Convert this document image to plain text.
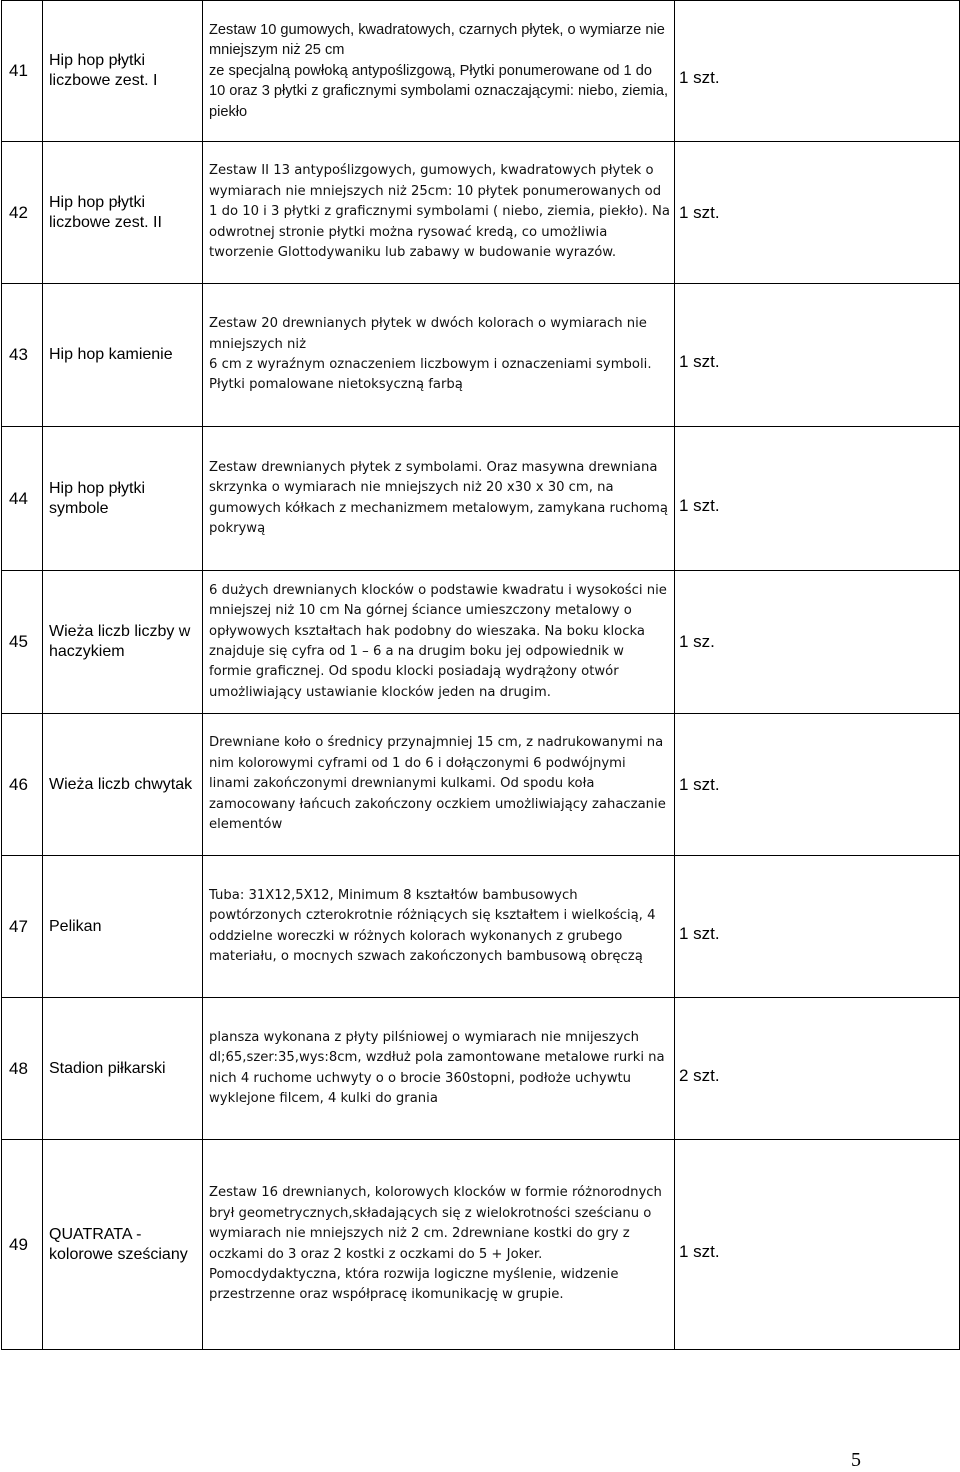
41	Hip hop płytki liczbowe zest. I	Zestaw 10 gumowych, kwadratowych, czarnych płytek, o wymiarze nie mniejszym niż 25 cm
ze specjalną powłoką antypoślizgową, Płytki ponumerowane od 1 do 10 oraz 3 płytki z graficznymi symbolami oznaczającymi: niebo, ziemia, piekło	1 szt.
42	Hip hop płytki liczbowe zest. II	Zestaw II 13 antypoślizgowych, gumowych, kwadratowych płytek o wymiarach nie mniejszych niż 25cm: 10 płytek ponumerowanych od 1 do 10 i 3 płytki z graficznymi symbolami ( niebo, ziemia, piekło). Na odwrotnej stronie płytki można rysować kredą, co umożliwia tworzenie Glottodywaniku lub zabawy w budowanie wyrazów.	1 szt.
43	Hip hop kamienie	Zestaw 20 drewnianych płytek w dwóch kolorach o wymiarach nie mniejszych niż
6 cm z wyraźnym oznaczeniem liczbowym i oznaczeniami symboli. Płytki pomalowane nietoksyczną farbą	1 szt.
44	Hip hop płytki symbole	Zestaw drewnianych płytek z symbolami. Oraz masywna drewniana skrzynka o wymiarach nie mniejszych niż 20 x30 x 30 cm, na gumowych kółkach z mechanizmem metalowym, zamykana ruchomą pokrywą	1 szt.
45	Wieża liczb liczby w haczykiem	6 dużych drewnianych klocków o podstawie kwadratu i wysokości nie mniejszej niż 10 cm Na górnej ściance umieszczony metalowy o opływowych kształtach hak podobny do wieszaka. Na boku klocka znajduje się cyfra od 1 – 6 a na drugim boku jej odpowiednik w formie graficznej. Od spodu klocki posiadają wydrążony otwór umożliwiający ustawianie klocków jeden na drugim.	1 sz.
46	Wieża liczb chwytak	Drewniane koło o średnicy przynajmniej 15 cm, z nadrukowanymi na nim kolorowymi cyframi od 1 do 6 i dołączonymi 6 podwójnymi linami zakończonymi drewnianymi kulkami. Od spodu koła zamocowany łańcuch zakończony oczkiem umożliwiający zahaczanie elementów	1 szt.
47	Pelikan	Tuba: 31X12,5X12, Minimum 8 kształtów bambusowych powtórzonych czterokrotnie różniących się kształtem i wielkością, 4 oddzielne woreczki w różnych kolorach wykonanych z grubego materiału, o mocnych szwach zakończonych bambusową obręczą	1 szt.
48	Stadion piłkarski	plansza wykonana z płyty pilśniowej o wymiarach nie mnijeszych dl;65,szer:35,wys:8cm, wzdłuż pola zamontowane metalowe rurki na nich 4 ruchome uchwyty o o brocie 360stopni, podłoże uchywtu wyklejone filcem, 4 kulki do grania	2 szt.
49	QUATRATA - kolorowe sześciany	Zestaw 16 drewnianych, kolorowych klocków w formie różnorodnych brył geometrycznych,składających się z wielokrotności sześcianu o wymiarach nie mniejszych niż 2 cm. 2drewniane kostki do gry z oczkami do 3 oraz 2 kostki z oczkami do 5 + Joker. Pomocdydaktyczna, która rozwija logiczne myślenie, widzenie przestrzenne oraz współpracę ikomunikację w grupie.	1 szt.
5
